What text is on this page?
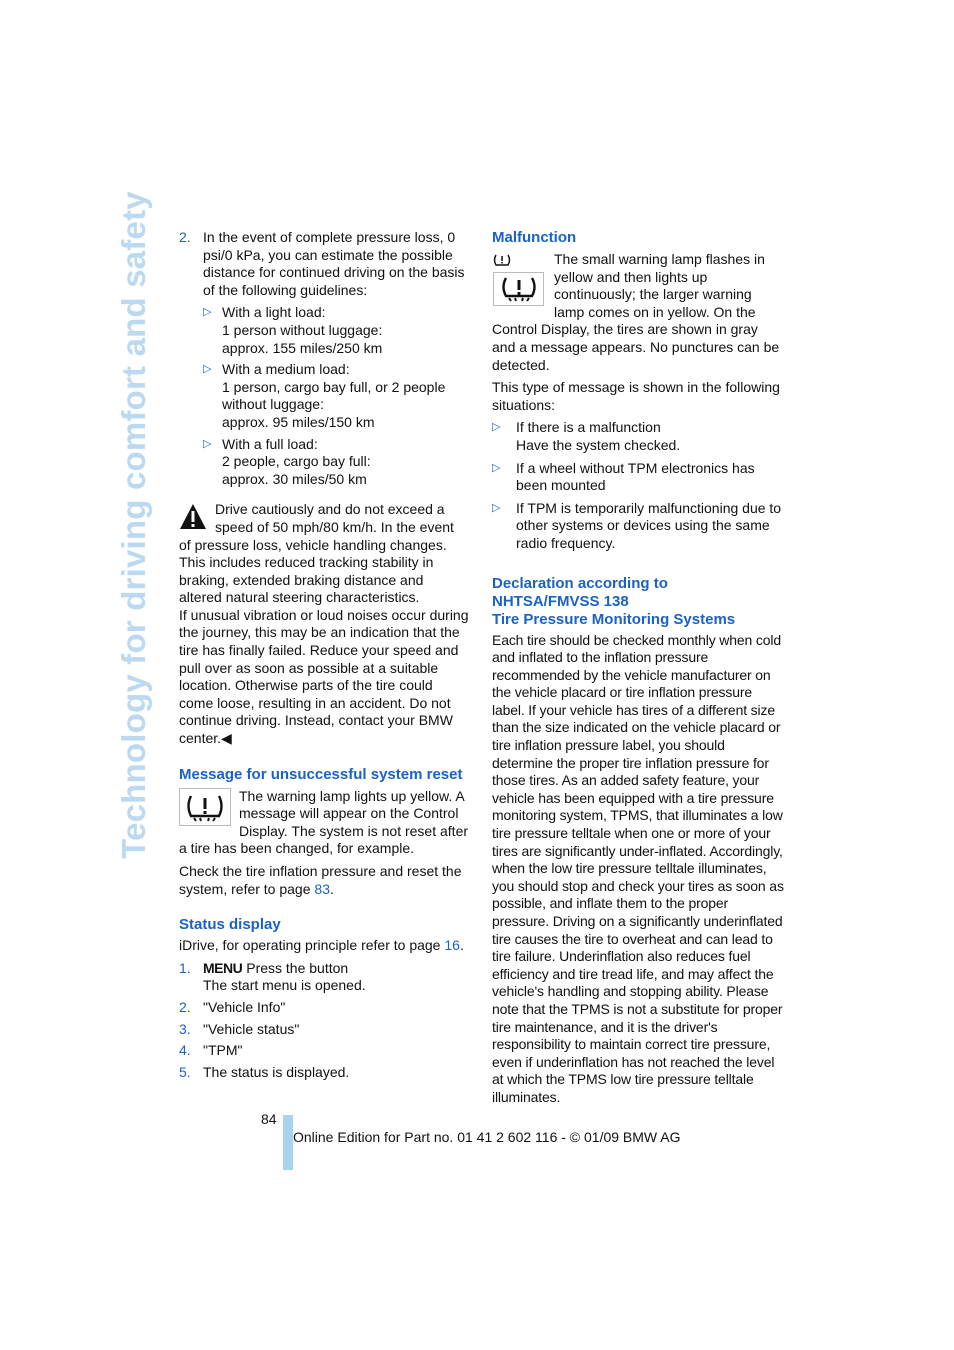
Technology for driving comfort and safety 2. In the event of complete pressure loss, 0 psi/0 kPa, you can estimate the possible distance for continued driving on the basis of the following guidelines:
▷ With a light load:
1 person without luggage:
approx. 155 miles/250 km
▷ With a medium load:
1 person, cargo bay full, or 2 people without luggage:
approx. 95 miles/150 km
▷ With a full load:
2 people, cargo bay full:
approx. 30 miles/50 km

Drive cautiously and do not exceed a speed of 50 mph/80 km/h. In the event of pressure loss, vehicle handling changes. This includes reduced tracking stability in braking, extended braking distance and altered natural steering characteristics.

If unusual vibration or loud noises occur during the journey, this may be an indication that the tire has finally failed. Reduce your speed and pull over as soon as possible at a suitable location. Otherwise parts of the tire could come loose, resulting in an accident. Do not continue driving. Instead, contact your BMW center.◀

Message for unsuccessful system reset

The warning lamp lights up yellow. A message will appear on the Control Display. The system is not reset after a tire has been changed, for example.

Check the tire inflation pressure and reset the system, refer to page 83.

Status display

iDrive, for operating principle refer to page 16.

1. MENU Press the button
The start menu is opened.
2. "Vehicle Info"
3. "Vehicle status"
4. "TPM"
5. The status is displayed.
Malfunction

The small warning lamp flashes in yellow and then lights up continuously; the larger warning lamp comes on in yellow. On the Control Display, the tires are shown in gray and a message appears. No punctures can be detected.

This type of message is shown in the following situations:

▷ If there is a malfunction
Have the system checked.
▷ If a wheel without TPM electronics has been mounted
▷ If TPM is temporarily malfunctioning due to other systems or devices using the same radio frequency.
Declaration according to
NHTSA/FMVSS 138
Tire Pressure Monitoring Systems

Each tire should be checked monthly when cold and inflated to the inflation pressure recommended by the vehicle manufacturer on the vehicle placard or tire inflation pressure label. If your vehicle has tires of a different size than the size indicated on the vehicle placard or tire inflation pressure label, you should determine the proper tire inflation pressure for those tires. As an added safety feature, your vehicle has been equipped with a tire pressure monitoring system, TPMS, that illuminates a low tire pressure telltale when one or more of your tires are significantly under-inflated. Accordingly, when the low tire pressure telltale illuminates, you should stop and check your tires as soon as possible, and inflate them to the proper pressure. Driving on a significantly underinflated tire causes the tire to overheat and can lead to tire failure. Underinflation also reduces fuel efficiency and tire tread life, and may affect the vehicle's handling and stopping ability. Please note that the TPMS is not a substitute for proper tire maintenance, and it is the driver's responsibility to maintain correct tire pressure, even if underinflation has not reached the level at which the TPMS low tire pressure telltale illuminates.

84
Online Edition for Part no. 01 41 2 602 116 - © 01/09 BMW AG
